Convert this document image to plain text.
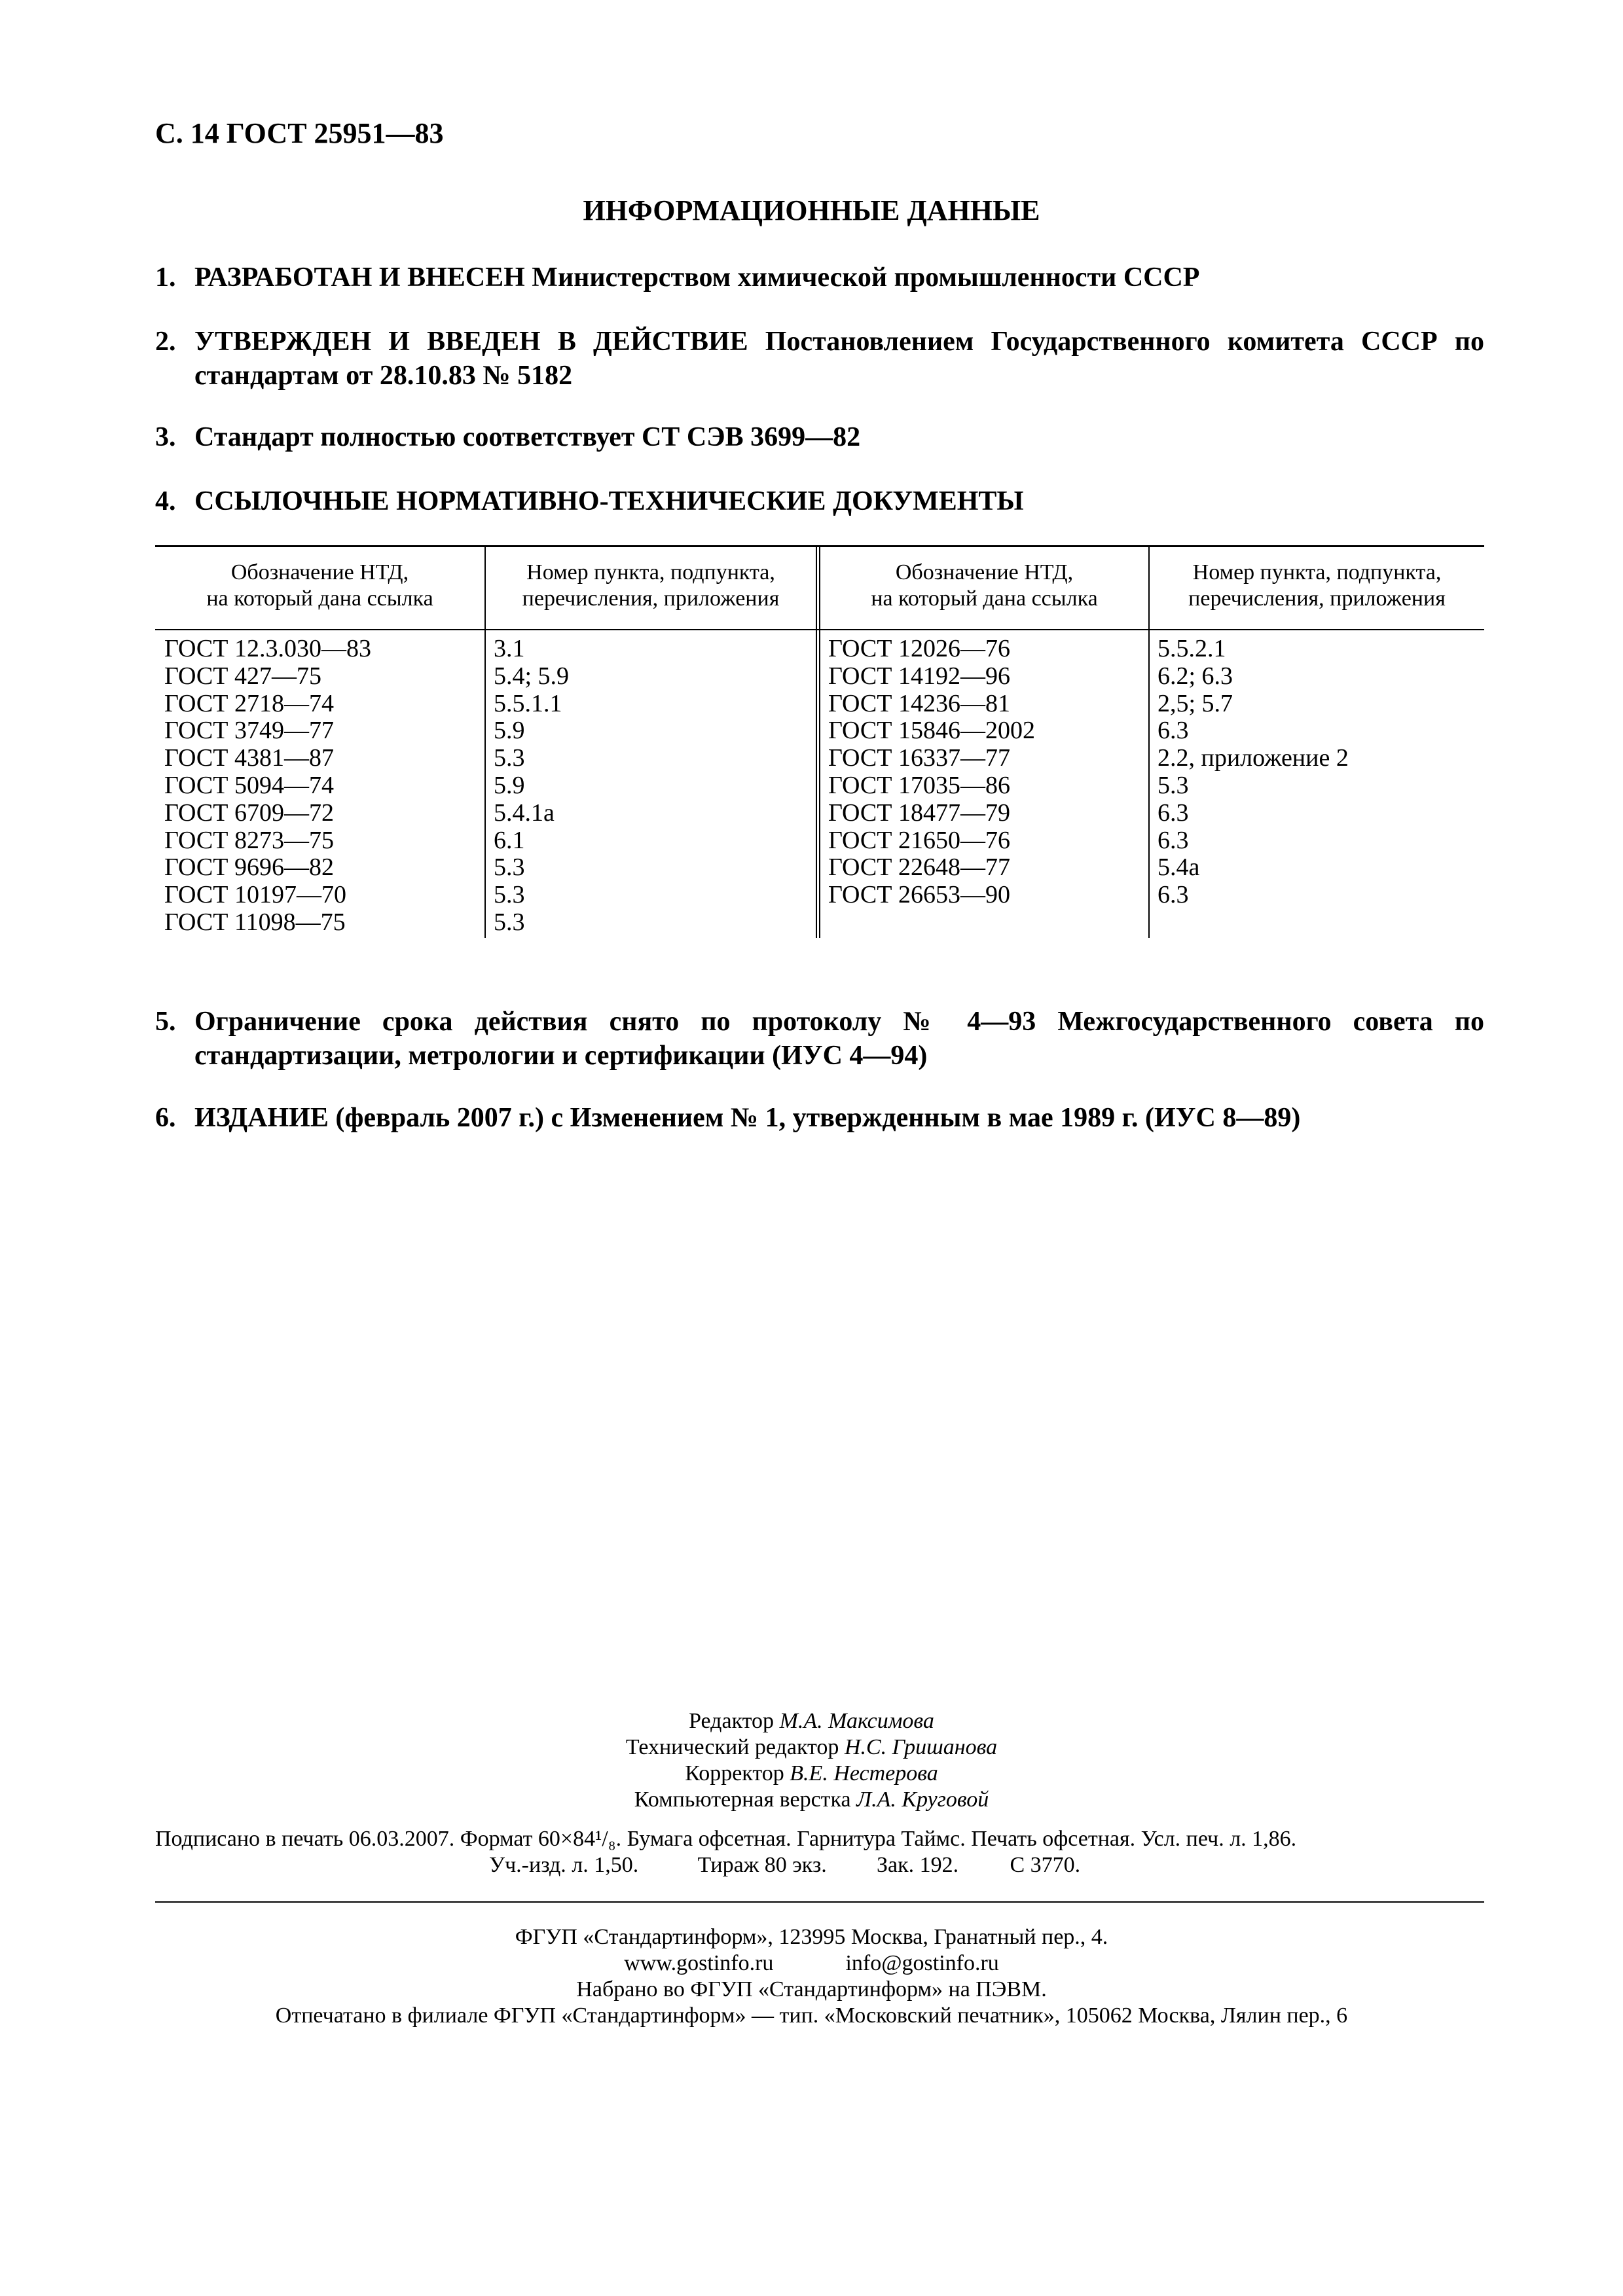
С. 14 ГОСТ 25951—83
ИНФОРМАЦИОННЫЕ ДАННЫЕ
1. РАЗРАБОТАН И ВНЕСЕН Министерством химической промышленности СССР
2. УТВЕРЖДЕН И ВВЕДЕН В ДЕЙСТВИЕ Постановлением Государственного комитета СССР по стандартам от 28.10.83 № 5182
3. Стандарт полностью соответствует СТ СЭВ 3699—82
4. ССЫЛОЧНЫЕ НОРМАТИВНО-ТЕХНИЧЕСКИЕ ДОКУМЕНТЫ
Обозначение НТД,
на который дана ссылка
Номер пункта, подпункта,
перечисления, приложения
Обозначение НТД,
на который дана ссылка
Номер пункта, подпункта,
перечисления, приложения
ГОСТ 12.3.030—83
ГОСТ 427—75
ГОСТ 2718—74
ГОСТ 3749—77
ГОСТ 4381—87
ГОСТ 5094—74
ГОСТ 6709—72
ГОСТ 8273—75
ГОСТ 9696—82
ГОСТ 10197—70
ГОСТ 11098—75
3.1
5.4; 5.9
5.5.1.1
5.9
5.3
5.9
5.4.1а
6.1
5.3
5.3
5.3
ГОСТ 12026—76
ГОСТ 14192—96
ГОСТ 14236—81
ГОСТ 15846—2002
ГОСТ 16337—77
ГОСТ 17035—86
ГОСТ 18477—79
ГОСТ 21650—76
ГОСТ 22648—77
ГОСТ 26653—90
5.5.2.1
6.2; 6.3
2,5; 5.7
6.3
2.2, приложение 2
5.3
6.3
6.3
5.4а
6.3
5. Ограничение срока действия снято по протоколу № 4—93 Межгосударственного совета по стандартизации, метрологии и сертификации (ИУС 4—94)
6. ИЗДАНИЕ (февраль 2007 г.) с Изменением № 1, утвержденным в мае 1989 г. (ИУС 8—89)
Редактор М.А. Максимова
Технический редактор Н.С. Гришанова
Корректор В.Е. Нестерова
Компьютерная верстка Л.А. Круговой
Подписано в печать 06.03.2007. Формат 60×84¹/₈. Бумага офсетная. Гарнитура Таймс. Печать офсетная. Усл. печ. л. 1,86.
Уч.-изд. л. 1,50.	Тираж 80 экз. Зак. 192. С 3770.
ФГУП «Стандартинформ», 123995 Москва, Гранатный пер., 4.
www.gostinfo.ru	info@gostinfo.ru
Набрано во ФГУП «Стандартинформ» на ПЭВМ.
Отпечатано в филиале ФГУП «Стандартинформ» — тип. «Московский печатник», 105062 Москва, Лялин пер., 6
